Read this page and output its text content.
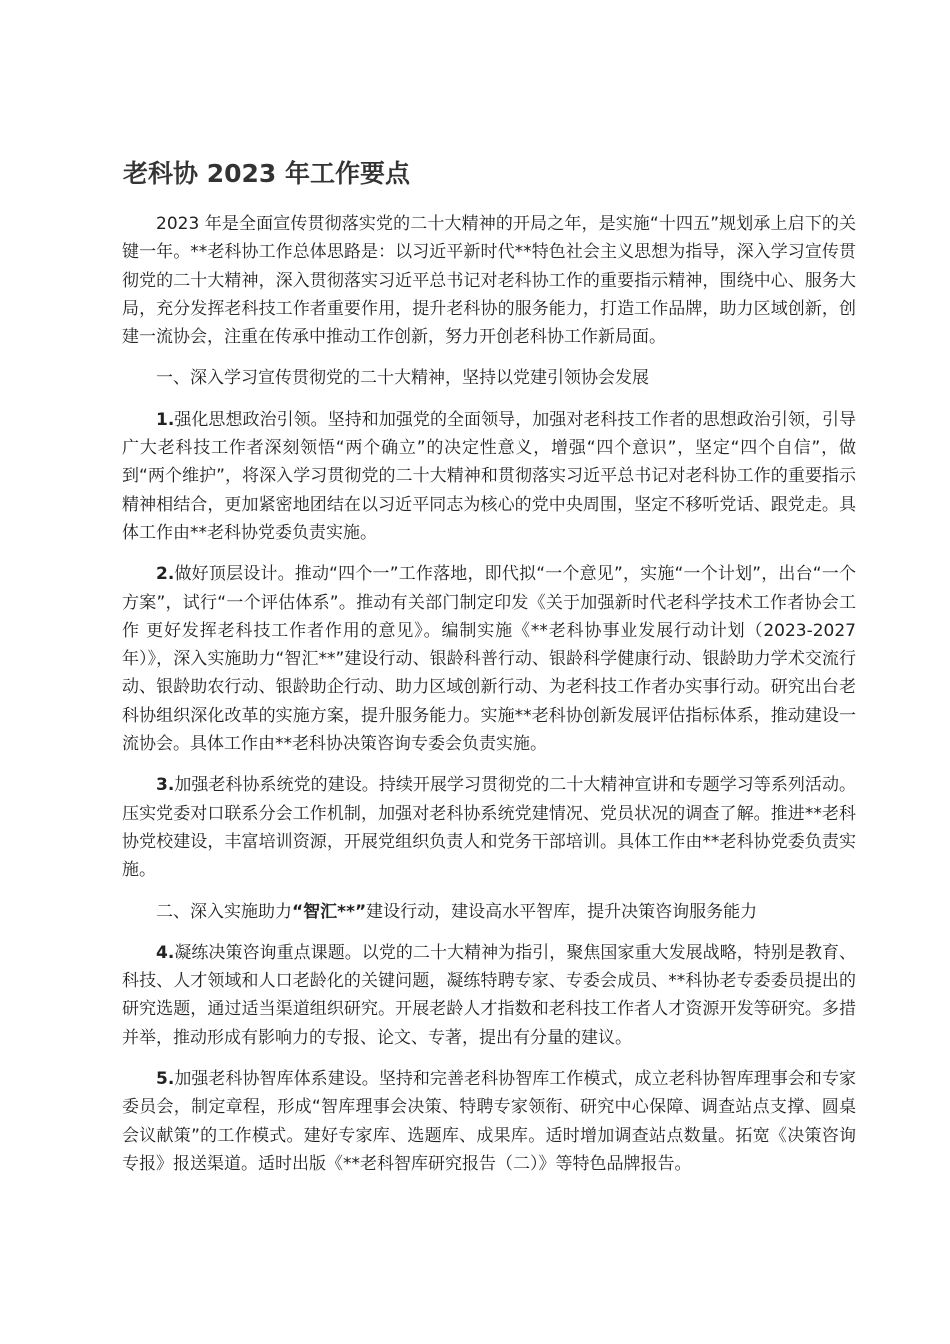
老科协 2023 年工作要点

2023 年是全面宣传贯彻落实党的二十大精神的开局之年，是实施“十四五”规划承上启下的关键一年。**老科协工作总体思路是：以习近平新时代**特色社会主义思想为指导，深入学习宣传贯彻党的二十大精神，深入贯彻落实习近平总书记对老科协工作的重要指示精神，围绕中心、服务大局，充分发挥老科技工作者重要作用，提升老科协的服务能力，打造工作品牌，助力区域创新，创建一流协会，注重在传承中推动工作创新，努力开创老科协工作新局面。

一、深入学习宣传贯彻党的二十大精神，坚持以党建引领协会发展

1.强化思想政治引领。坚持和加强党的全面领导，加强对老科技工作者的思想政治引领，引导广大老科技工作者深刻领悟“两个确立”的决定性意义，增强“四个意识”，坚定“四个自信”，做到“两个维护”，将深入学习贯彻党的二十大精神和贯彻落实习近平总书记对老科协工作的重要指示精神相结合，更加紧密地团结在以习近平同志为核心的党中央周围，坚定不移听党话、跟党走。具体工作由**老科协党委负责实施。

2.做好顶层设计。推动“四个一”工作落地，即代拟“一个意见”，实施“一个计划”，出台“一个方案”，试行“一个评估体系”。推动有关部门制定印发《关于加强新时代老科学技术工作者协会工作 更好发挥老科技工作者作用的意见》。编制实施《**老科协事业发展行动计划（2023-2027 年）》，深入实施助力“智汇**”建设行动、银龄科普行动、银龄科学健康行动、银龄助力学术交流行动、银龄助农行动、银龄助企行动、助力区域创新行动、为老科技工作者办实事行动。研究出台老科协组织深化改革的实施方案，提升服务能力。实施**老科协创新发展评估指标体系，推动建设一流协会。具体工作由**老科协决策咨询专委会负责实施。

3.加强老科协系统党的建设。持续开展学习贯彻党的二十大精神宣讲和专题学习等系列活动。压实党委对口联系分会工作机制，加强对老科协系统党建情况、党员状况的调查了解。推进**老科协党校建设，丰富培训资源，开展党组织负责人和党务干部培训。具体工作由**老科协党委负责实施。

二、深入实施助力“智汇**”建设行动，建设高水平智库，提升决策咨询服务能力

4.凝练决策咨询重点课题。以党的二十大精神为指引，聚焦国家重大发展战略，特别是教育、科技、人才领域和人口老龄化的关键问题，凝练特聘专家、专委会成员、**科协老专委委员提出的研究选题，通过适当渠道组织研究。开展老龄人才指数和老科技工作者人才资源开发等研究。多措并举，推动形成有影响力的专报、论文、专著，提出有分量的建议。

5.加强老科协智库体系建设。坚持和完善老科协智库工作模式，成立老科协智库理事会和专家委员会，制定章程，形成“智库理事会决策、特聘专家领衔、研究中心保障、调查站点支撑、圆桌会议献策”的工作模式。建好专家库、选题库、成果库。适时增加调查站点数量。拓宽《决策咨询专报》报送渠道。适时出版《**老科智库研究报告（二）》等特色品牌报告。
